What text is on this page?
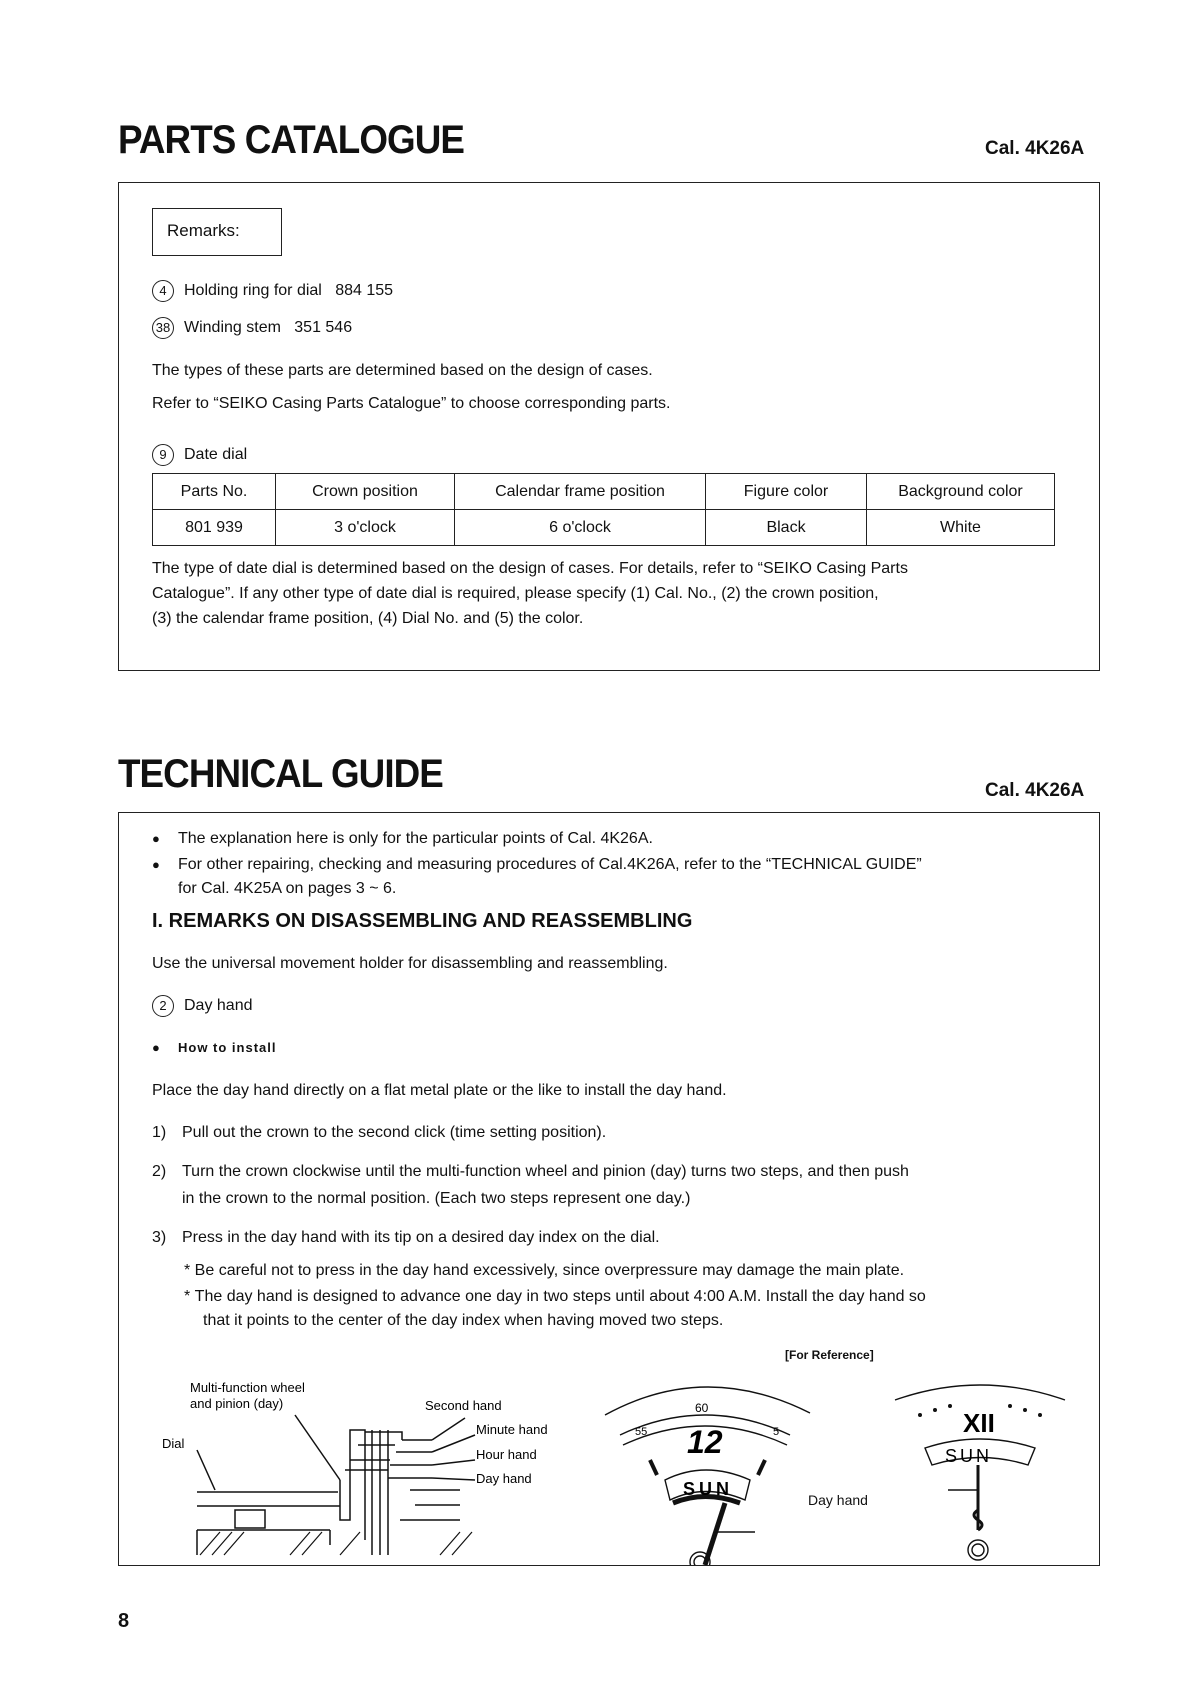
PARTS CATALOGUE	Cal. 4K26A
Remarks:
4 Holding ring for dial 884 155
38 Winding stem 351 546
The types of these parts are determined based on the design of cases.
Refer to “SEIKO Casing Parts Catalogue” to choose corresponding parts.
9 Date dial
Parts No.	Crown position	Calendar frame position	Figure color	Background color
801 939	3 o'clock	6 o'clock	Black	White
The type of date dial is determined based on the design of cases. For details, refer to “SEIKO Casing Parts
Catalogue”. If any other type of date dial is required, please specify (1) Cal. No., (2) the crown position,
(3) the calendar frame position, (4) Dial No. and (5) the color.
TECHNICAL GUIDE	Cal. 4K26A
● The explanation here is only for the particular points of Cal. 4K26A.
● For other repairing, checking and measuring procedures of Cal.4K26A, refer to the “TECHNICAL GUIDE”
for Cal. 4K25A on pages 3 ~ 6.
I. REMARKS ON DISASSEMBLING AND REASSEMBLING
Use the universal movement holder for disassembling and reassembling.
2 Day hand
● How to install
Place the day hand directly on a flat metal plate or the like to install the day hand.
1) Pull out the crown to the second click (time setting position).
2) Turn the crown clockwise until the multi-function wheel and pinion (day) turns two steps, and then push
in the crown to the normal position. (Each two steps represent one day.)
3) Press in the day hand with its tip on a desired day index on the dial.
* Be careful not to press in the day hand excessively, since overpressure may damage the main plate.
* The day hand is designed to advance one day in two steps until about 4:00 A.M. Install the day hand so
that it points to the center of the day index when having moved two steps.
[For Reference]
Multi-function wheel
and pinion (day)
Dial
Second hand
Minute hand
Hour hand
Day hand
55
60
5
12
SUN
Day hand
XII
SUN
8
